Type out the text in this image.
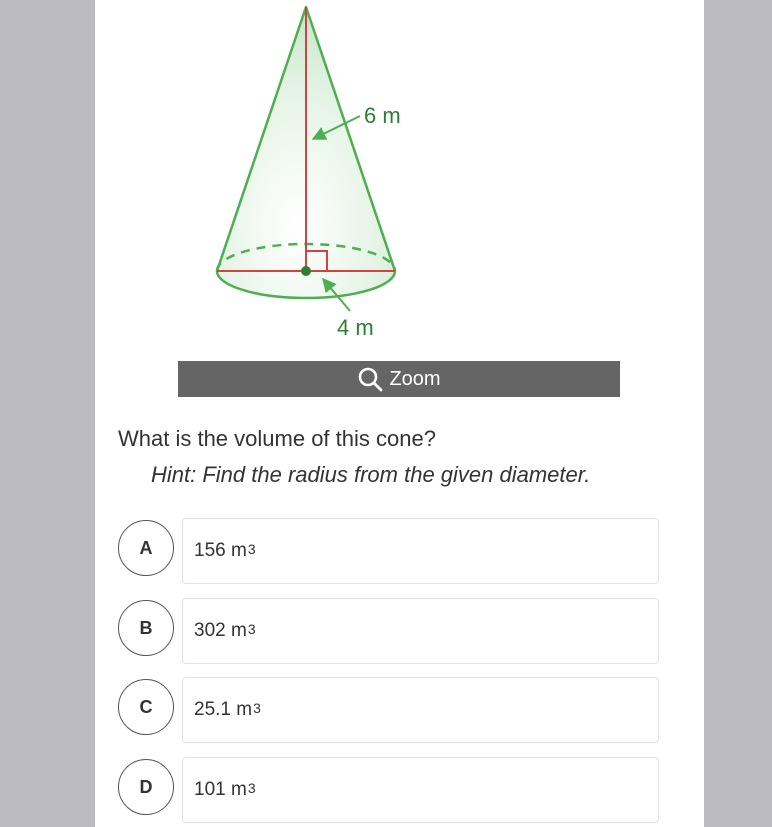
6 m
4 m
Zoom
What is the volume of this cone?
Hint: Find the radius from the given diameter.
A	156 $m^3$
B	302 $m^3$
C	25.1 $m^3$
D	101 $m^3$
